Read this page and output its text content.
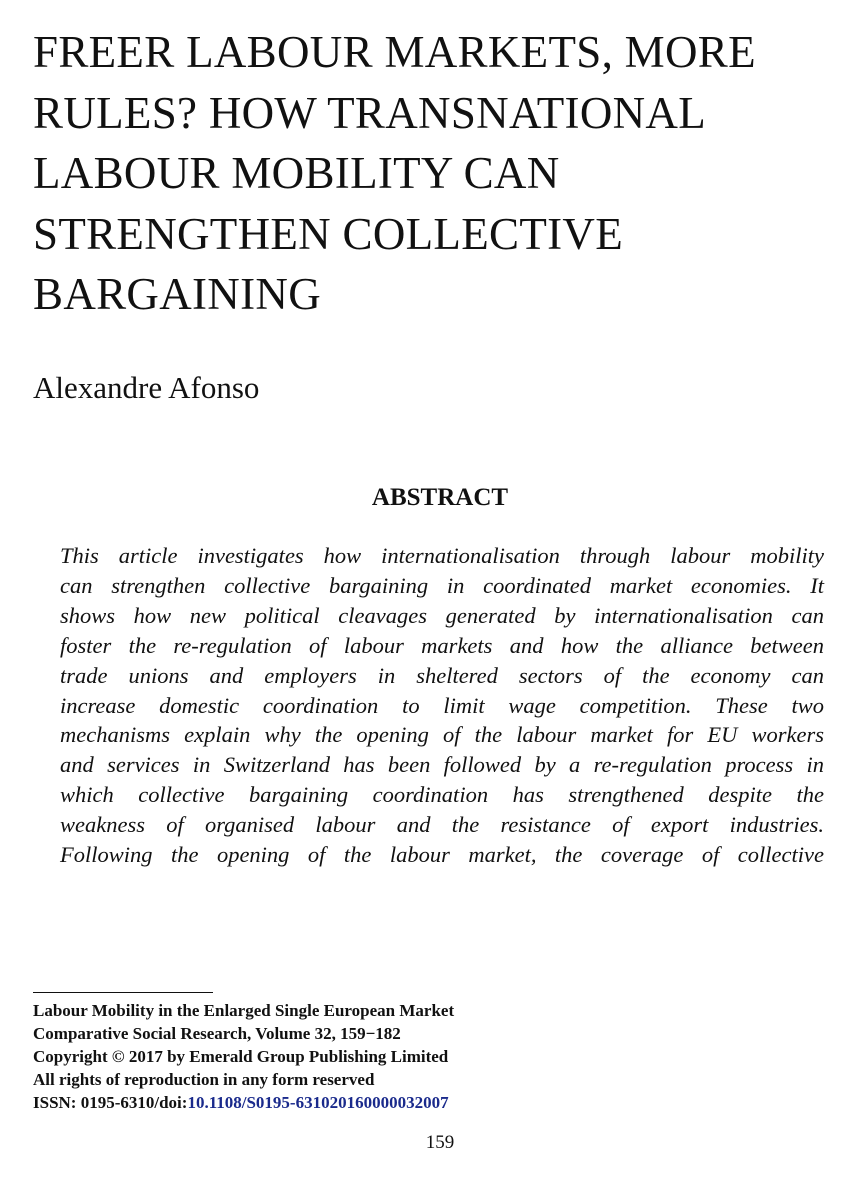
FREER LABOUR MARKETS, MORE
RULES? HOW TRANSNATIONAL
LABOUR MOBILITY CAN
STRENGTHEN COLLECTIVE
BARGAINING
Alexandre Afonso
ABSTRACT
This article investigates how internationalisation through labour mobility
can strengthen collective bargaining in coordinated market economies. It
shows how new political cleavages generated by internationalisation can
foster the re-regulation of labour markets and how the alliance between
trade unions and employers in sheltered sectors of the economy can
increase domestic coordination to limit wage competition. These two
mechanisms explain why the opening of the labour market for EU workers
and services in Switzerland has been followed by a re-regulation process in
which collective bargaining coordination has strengthened despite the
weakness of organised labour and the resistance of export industries.
Following the opening of the labour market, the coverage of collective
Labour Mobility in the Enlarged Single European Market
Comparative Social Research, Volume 32, 159−182
Copyright © 2017 by Emerald Group Publishing Limited
All rights of reproduction in any form reserved
ISSN: 0195-6310/doi:10.1108/S0195-631020160000032007
159
